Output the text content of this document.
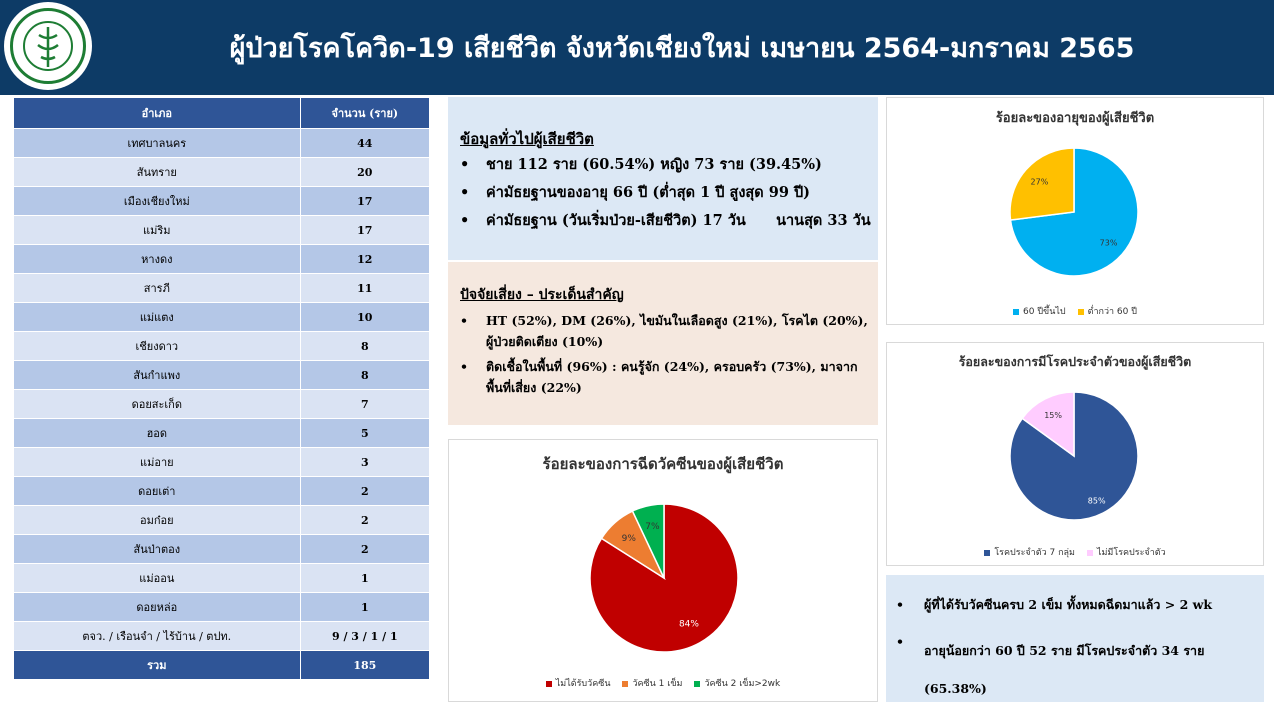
ผู้ป่วยโรคโควิด-19 เสียชีวิต จังหวัดเชียงใหม่ เมษายน 2564-มกราคม 2565
อำเภอ	จำนวน (ราย)
เทศบาลนคร	44
สันทราย	20
เมืองเชียงใหม่	17
แม่ริม	17
หางดง	12
สารภี	11
แม่แตง	10
เชียงดาว	8
สันกำแพง	8
ดอยสะเก็ด	7
ฮอด	5
แม่อาย	3
ดอยเต่า	2
อมก๋อย	2
สันป่าตอง	2
แม่ออน	1
ดอยหล่อ	1
ตจว. / เรือนจำ / ไร้บ้าน / ตปท.	9 / 3 / 1 / 1
รวม	185
ข้อมูลทั่วไปผู้เสียชีวิต
• ชาย 112 ราย (60.54%) หญิง 73 ราย (39.45%)
• ค่ามัธยฐานของอายุ 66 ปี (ต่ำสุด 1 ปี สูงสุด 99 ปี)
• ค่ามัธยฐาน (วันเริ่มป่วย-เสียชีวิต) 17 วัน      นานสุด 33 วัน
ปัจจัยเสี่ยง – ประเด็นสำคัญ
• HT (52%), DM (26%), ไขมันในเลือดสูง (21%), โรคไต (20%), ผู้ป่วยติดเตียง (10%)
• ติดเชื้อในพื้นที่ (96%) : คนรู้จัก (24%), ครอบครัว (73%), มาจากพื้นที่เสี่ยง (22%)
ร้อยละของการฉีดวัคซีนของผู้เสียชีวิต
84%
9%
7%
ไม่ได้รับวัคซีน วัคซีน 1 เข็ม วัคซีน 2 เข็ม>2wk
ร้อยละของอายุของผู้เสียชีวิต
73%
27%
60 ปีขึ้นไป ต่ำกว่า 60 ปี
ร้อยละของการมีโรคประจำตัวของผู้เสียชีวิต
85%
15%
โรคประจำตัว 7 กลุ่ม ไม่มีโรคประจำตัว
• ผู้ที่ได้รับวัคซีนครบ 2 เข็ม ทั้งหมดฉีดมาแล้ว > 2 wk
•
อายุน้อยกว่า 60 ปี 52 ราย มีโรคประจำตัว 34 ราย (65.38%)
